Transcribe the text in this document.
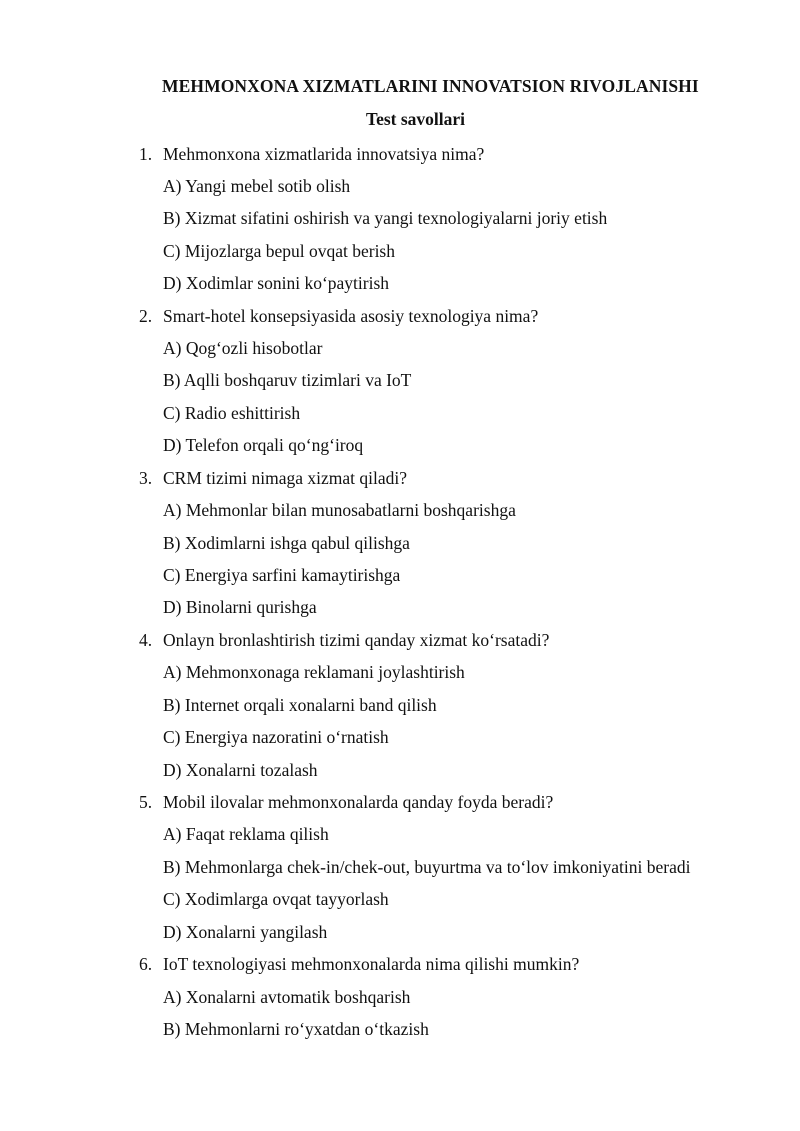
MEHMONXONA XIZMATLARINI INNOVATSION RIVOJLANISHI
Test savollari
1. Mehmonxona xizmatlarida innovatsiya nima?
A) Yangi mebel sotib olish
B) Xizmat sifatini oshirish va yangi texnologiyalarni joriy etish
C) Mijozlarga bepul ovqat berish
D) Xodimlar sonini ko‘paytirish
2. Smart-hotel konsepsiyasida asosiy texnologiya nima?
A) Qog‘ozli hisobotlar
B) Aqlli boshqaruv tizimlari va IoT
C) Radio eshittirish
D) Telefon orqali qo‘ng‘iroq
3. CRM tizimi nimaga xizmat qiladi?
A) Mehmonlar bilan munosabatlarni boshqarishga
B) Xodimlarni ishga qabul qilishga
C) Energiya sarfini kamaytirishga
D) Binolarni qurishga
4. Onlayn bronlashtirish tizimi qanday xizmat ko‘rsatadi?
A) Mehmonxonaga reklamani joylashtirish
B) Internet orqali xonalarni band qilish
C) Energiya nazoratini o‘rnatish
D) Xonalarni tozalash
5. Mobil ilovalar mehmonxonalarda qanday foyda beradi?
A) Faqat reklama qilish
B) Mehmonlarga chek-in/chek-out, buyurtma va to‘lov imkoniyatini beradi
C) Xodimlarga ovqat tayyorlash
D) Xonalarni yangilash
6. IoT texnologiyasi mehmonxonalarda nima qilishi mumkin?
A) Xonalarni avtomatik boshqarish
B) Mehmonlarni ro‘yxatdan o‘tkazish
